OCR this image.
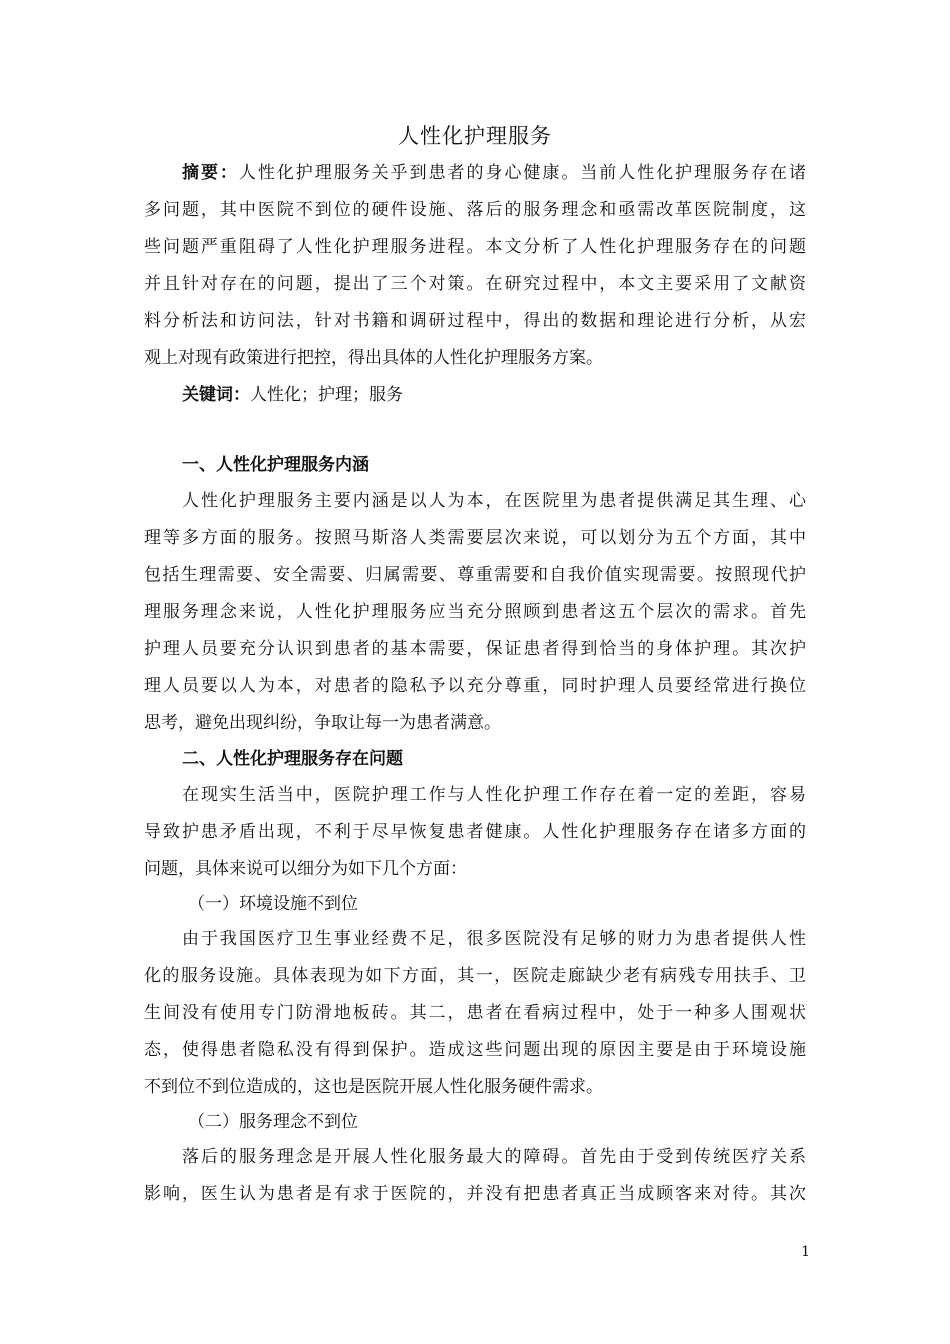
人性化护理服务
摘要：人性化护理服务关乎到患者的身心健康。当前人性化护理服务存在诸
多问题，其中医院不到位的硬件设施、落后的服务理念和亟需改革医院制度，这
些问题严重阻碍了人性化护理服务进程。本文分析了人性化护理服务存在的问题
并且针对存在的问题，提出了三个对策。在研究过程中，本文主要采用了文献资
料分析法和访问法，针对书籍和调研过程中，得出的数据和理论进行分析，从宏
观上对现有政策进行把控，得出具体的人性化护理服务方案。
关键词：人性化；护理；服务
一、人性化护理服务内涵
人性化护理服务主要内涵是以人为本，在医院里为患者提供满足其生理、心
理等多方面的服务。按照马斯洛人类需要层次来说，可以划分为五个方面，其中
包括生理需要、安全需要、归属需要、尊重需要和自我价值实现需要。按照现代护
理服务理念来说，人性化护理服务应当充分照顾到患者这五个层次的需求。首先
护理人员要充分认识到患者的基本需要，保证患者得到恰当的身体护理。其次护
理人员要以人为本，对患者的隐私予以充分尊重，同时护理人员要经常进行换位
思考，避免出现纠纷，争取让每一为患者满意。
二、人性化护理服务存在问题
在现实生活当中，医院护理工作与人性化护理工作存在着一定的差距，容易
导致护患矛盾出现，不利于尽早恢复患者健康。人性化护理服务存在诸多方面的
问题，具体来说可以细分为如下几个方面：
（一）环境设施不到位
由于我国医疗卫生事业经费不足，很多医院没有足够的财力为患者提供人性
化的服务设施。具体表现为如下方面，其一，医院走廊缺少老有病残专用扶手、卫
生间没有使用专门防滑地板砖。其二，患者在看病过程中，处于一种多人围观状
态，使得患者隐私没有得到保护。造成这些问题出现的原因主要是由于环境设施
不到位不到位造成的，这也是医院开展人性化服务硬件需求。
（二）服务理念不到位
落后的服务理念是开展人性化服务最大的障碍。首先由于受到传统医疗关系
影响，医生认为患者是有求于医院的，并没有把患者真正当成顾客来对待。其次
1
